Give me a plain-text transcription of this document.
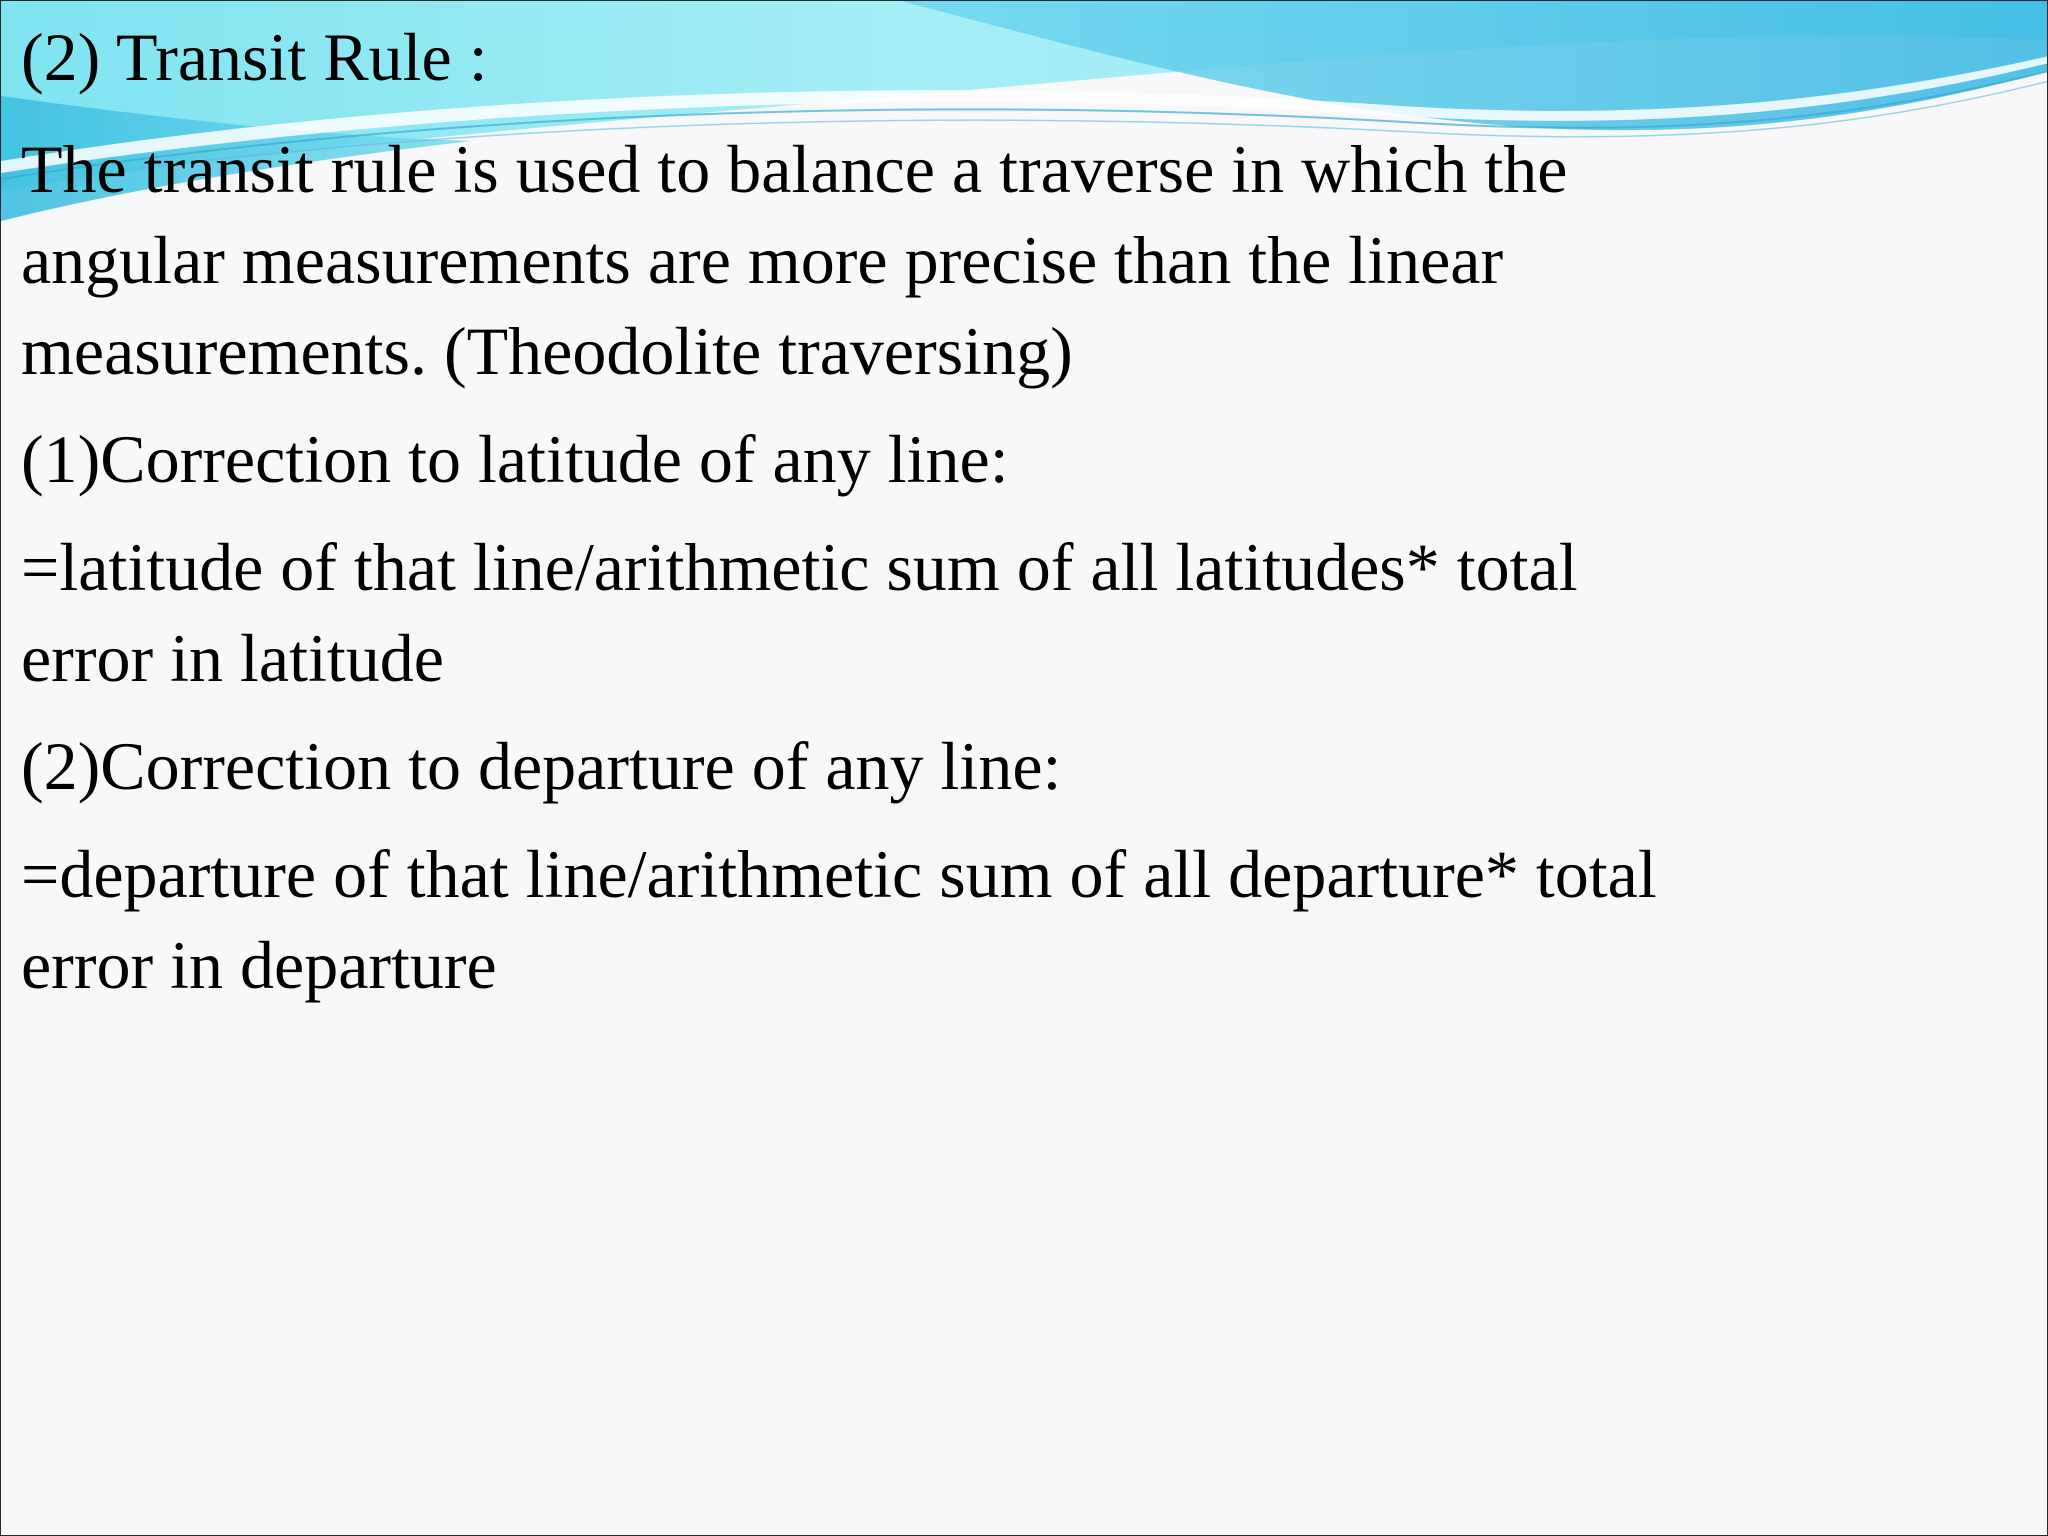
(2) Transit Rule :
The transit rule is used to balance a traverse in which the
angular measurements are more precise than the linear
measurements. (Theodolite traversing)
(1)Correction to latitude of any line:
=latitude of that line/arithmetic sum of all latitudes* total
error in latitude
(2)Correction to departure of any line:
=departure of that line/arithmetic sum of all departure* total
error in departure
